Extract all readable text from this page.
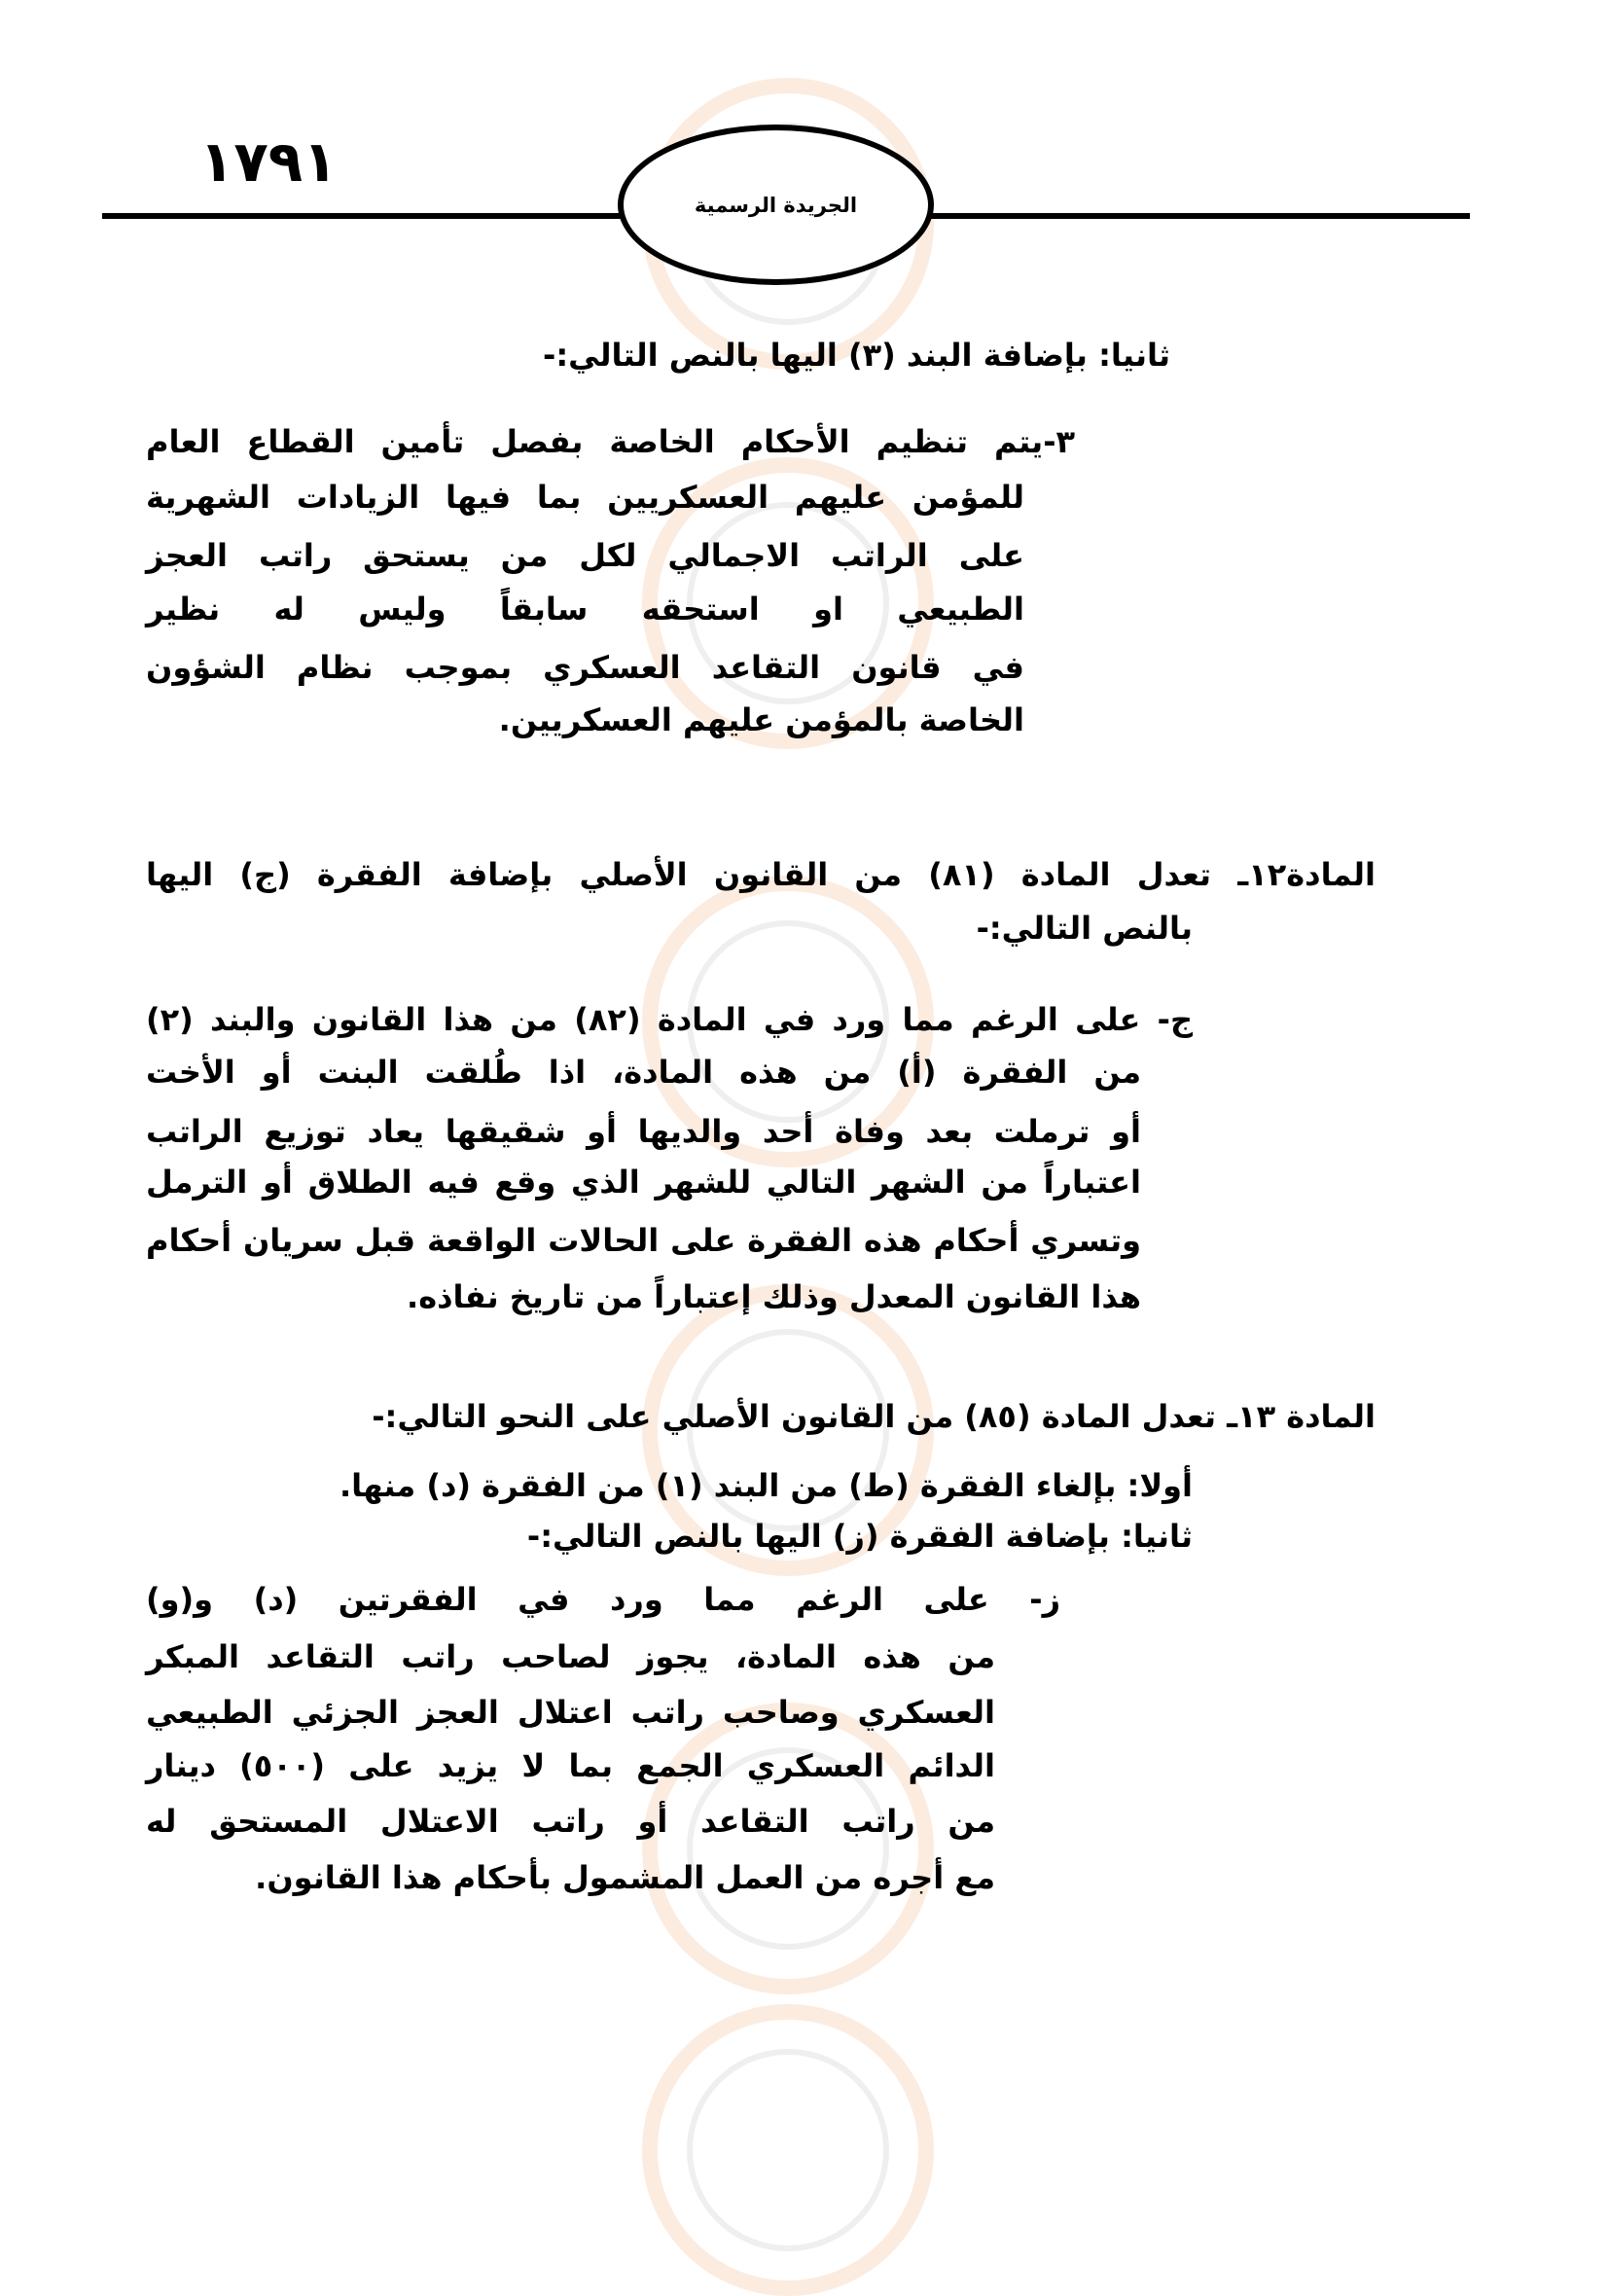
١٧٩١
الجريدة الرسمية
ثانيا: بإضافة البند (٣) اليها بالنص التالي:-
٣-يتم تنظيم الأحكام الخاصة بفصل تأمين القطاع العام
للمؤمن عليهم العسكريين بما فيها الزيادات الشهرية
على الراتب الاجمالي لكل من يستحق راتب العجز
الطبيعي او استحقه سابقاً وليس له نظير
في قانون التقاعد العسكري بموجب نظام الشؤون
الخاصة بالمؤمن عليهم العسكريين.
المادة١٢ـ تعدل المادة (٨١) من القانون الأصلي بإضافة الفقرة (ج) اليها
بالنص التالي:-
ج- على الرغم مما ورد في المادة (٨٢) من هذا القانون والبند (٢)
من الفقرة (أ) من هذه المادة، اذا طُلقت البنت أو الأخت
أو ترملت بعد وفاة أحد والديها أو شقيقها يعاد توزيع الراتب
اعتباراً من الشهر التالي للشهر الذي وقع فيه الطلاق أو الترمل
وتسري أحكام هذه الفقرة على الحالات الواقعة قبل سريان أحكام
هذا القانون المعدل وذلك إعتباراً من تاريخ نفاذه.
المادة ١٣ـ تعدل المادة (٨٥) من القانون الأصلي على النحو التالي:-
أولا: بإلغاء الفقرة (ط) من البند (١) من الفقرة (د) منها.
ثانيا: بإضافة الفقرة (ز) اليها بالنص التالي:-
ز- على الرغم مما ورد في الفقرتين (د) و(و)
من هذه المادة، يجوز لصاحب راتب التقاعد المبكر
العسكري وصاحب راتب اعتلال العجز الجزئي الطبيعي
الدائم العسكري الجمع بما لا يزيد على (٥٠٠) دينار
من راتب التقاعد أو راتب الاعتلال المستحق له
مع أجره من العمل المشمول بأحكام هذا القانون.
